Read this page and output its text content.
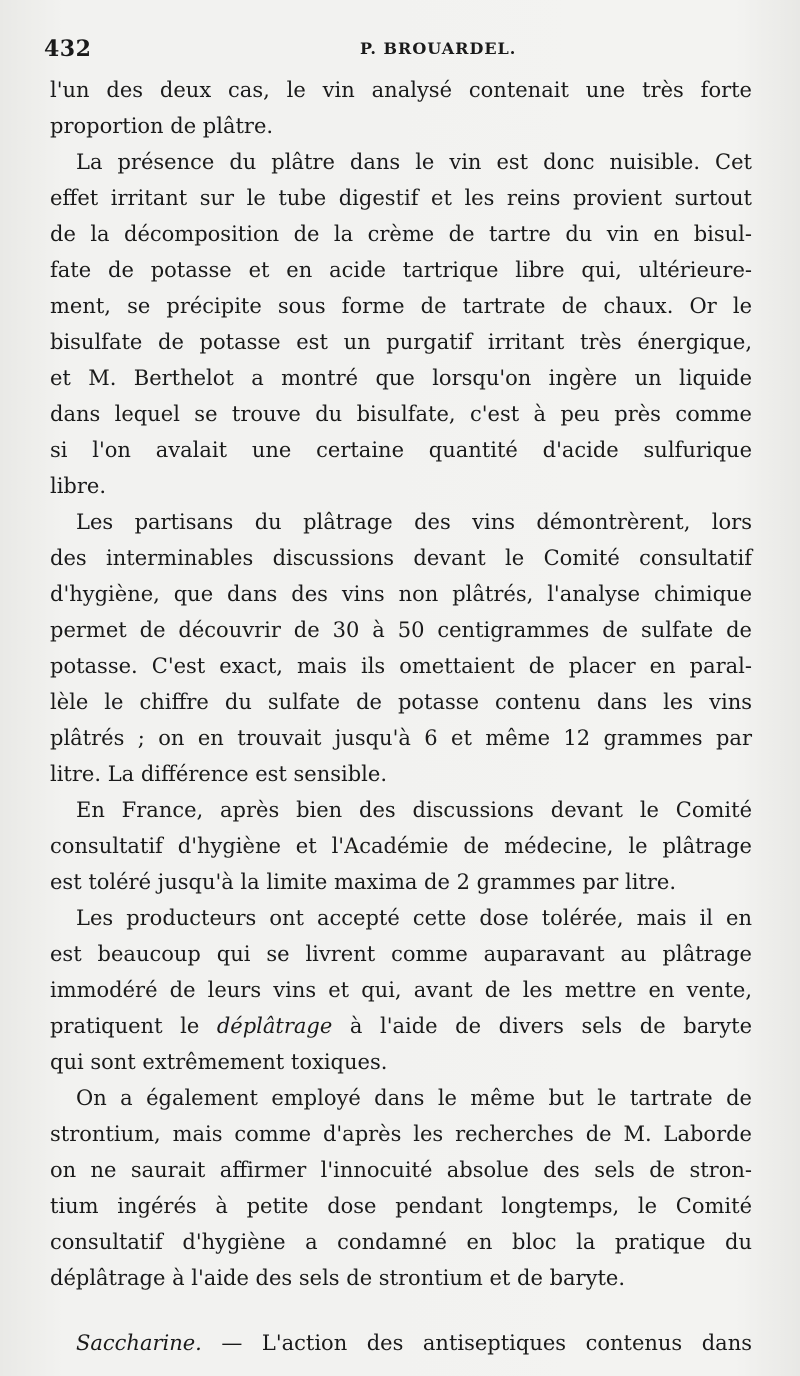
432	P. BROUARDEL.
l'un des deux cas, le vin analysé contenait une très forte
proportion de plâtre.
La présence du plâtre dans le vin est donc nuisible. Cet
effet irritant sur le tube digestif et les reins provient surtout
de la décomposition de la crème de tartre du vin en bisul-
fate de potasse et en acide tartrique libre qui, ultérieure-
ment, se précipite sous forme de tartrate de chaux. Or le
bisulfate de potasse est un purgatif irritant très énergique,
et M. Berthelot a montré que lorsqu'on ingère un liquide
dans lequel se trouve du bisulfate, c'est à peu près comme
si l'on avalait une certaine quantité d'acide sulfurique
libre.
Les partisans du plâtrage des vins démontrèrent, lors
des interminables discussions devant le Comité consultatif
d'hygiène, que dans des vins non plâtrés, l'analyse chimique
permet de découvrir de 30 à 50 centigrammes de sulfate de
potasse. C'est exact, mais ils omettaient de placer en paral-
lèle le chiffre du sulfate de potasse contenu dans les vins
plâtrés ; on en trouvait jusqu'à 6 et même 12 grammes par
litre. La différence est sensible.
En France, après bien des discussions devant le Comité
consultatif d'hygiène et l'Académie de médecine, le plâtrage
est toléré jusqu'à la limite maxima de 2 grammes par litre.
Les producteurs ont accepté cette dose tolérée, mais il en
est beaucoup qui se livrent comme auparavant au plâtrage
immodéré de leurs vins et qui, avant de les mettre en vente,
pratiquent le déplâtrage à l'aide de divers sels de baryte
qui sont extrêmement toxiques.
On a également employé dans le même but le tartrate de
strontium, mais comme d'après les recherches de M. Laborde
on ne saurait affirmer l'innocuité absolue des sels de stron-
tium ingérés à petite dose pendant longtemps, le Comité
consultatif d'hygiène a condamné en bloc la pratique du
déplâtrage à l'aide des sels de strontium et de baryte.
Saccharine. — L'action des antiseptiques contenus dans
